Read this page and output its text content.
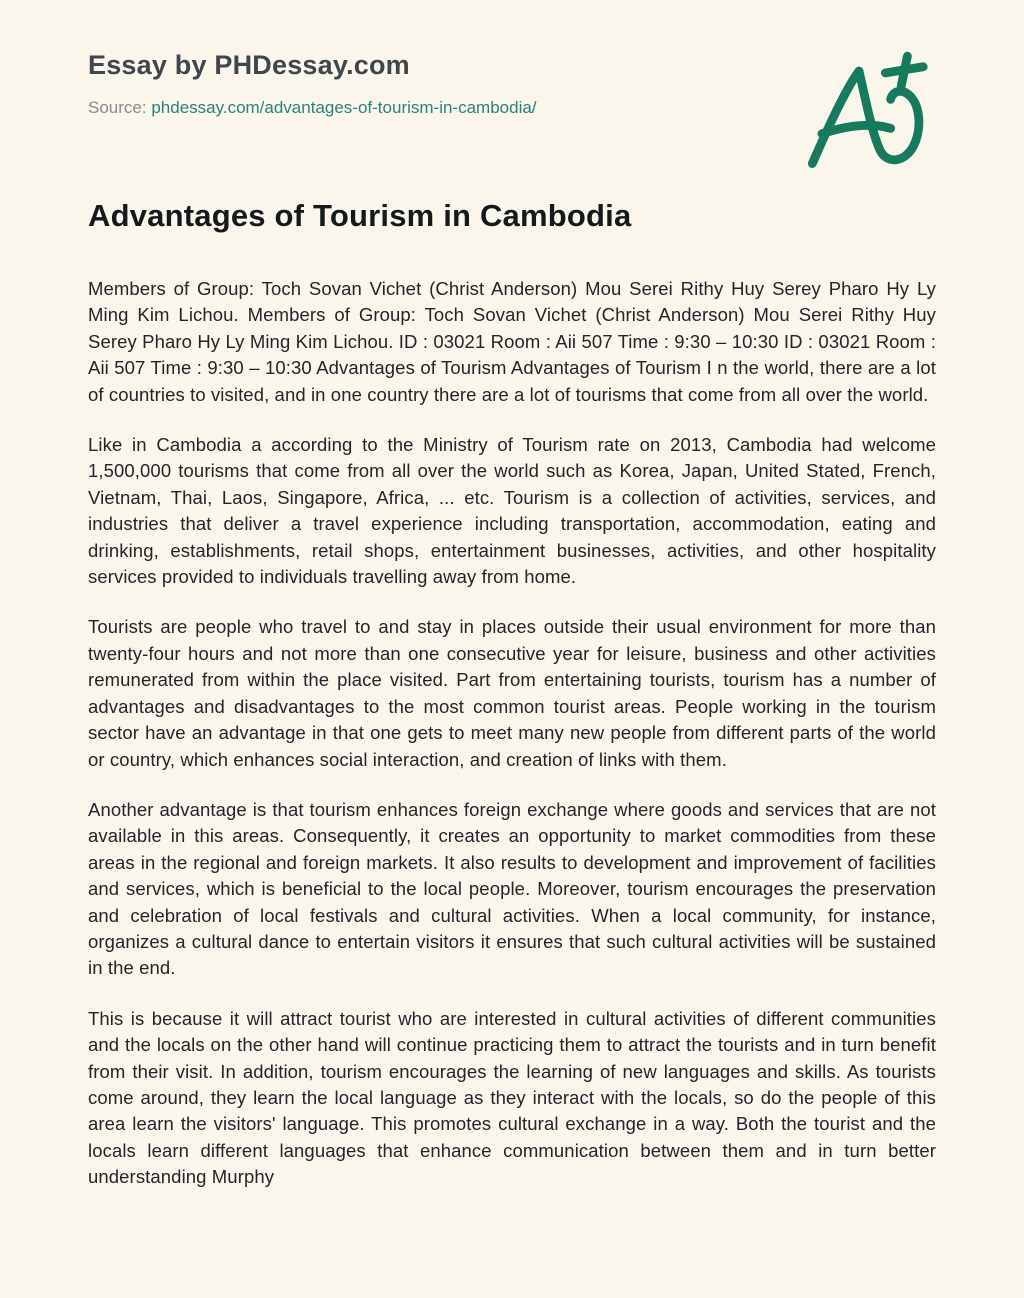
Essay by PHDessay.com
Source: phdessay.com/advantages-of-tourism-in-cambodia/
Advantages of Tourism in Cambodia

Members of Group: Toch Sovan Vichet (Christ Anderson) Mou Serei Rithy Huy Serey Pharo Hy Ly Ming Kim Lichou. Members of Group: Toch Sovan Vichet (Christ Anderson) Mou Serei Rithy Huy Serey Pharo Hy Ly Ming Kim Lichou. ID : 03021 Room : Aii 507 Time : 9:30 – 10:30 ID : 03021 Room : Aii 507 Time : 9:30 – 10:30 Advantages of Tourism Advantages of Tourism I n the world, there are a lot of countries to visited, and in one country there are a lot of tourisms that come from all over the world.

Like in Cambodia a according to the Ministry of Tourism rate on 2013, Cambodia had welcome 1,500,000 tourisms that come from all over the world such as Korea, Japan, United Stated, French, Vietnam, Thai, Laos, Singapore, Africa, ... etc. Tourism is a collection of activities, services, and industries that deliver a travel experience including transportation, accommodation, eating and drinking, establishments, retail shops, entertainment businesses, activities, and other hospitality services provided to individuals travelling away from home.

Tourists are people who travel to and stay in places outside their usual environment for more than twenty-four hours and not more than one consecutive year for leisure, business and other activities remunerated from within the place visited. Part from entertaining tourists, tourism has a number of advantages and disadvantages to the most common tourist areas. People working in the tourism sector have an advantage in that one gets to meet many new people from different parts of the world or country, which enhances social interaction, and creation of links with them.

Another advantage is that tourism enhances foreign exchange where goods and services that are not available in this areas. Consequently, it creates an opportunity to market commodities from these areas in the regional and foreign markets. It also results to development and improvement of facilities and services, which is beneficial to the local people. Moreover, tourism encourages the preservation and celebration of local festivals and cultural activities. When a local community, for instance, organizes a cultural dance to entertain visitors it ensures that such cultural activities will be sustained in the end.

This is because it will attract tourist who are interested in cultural activities of different communities and the locals on the other hand will continue practicing them to attract the tourists and in turn benefit from their visit. In addition, tourism encourages the learning of new languages and skills. As tourists come around, they learn the local language as they interact with the locals, so do the people of this area learn the visitors' language. This promotes cultural exchange in a way. Both the tourist and the locals learn different languages that enhance communication between them and in turn better understanding Murphy
